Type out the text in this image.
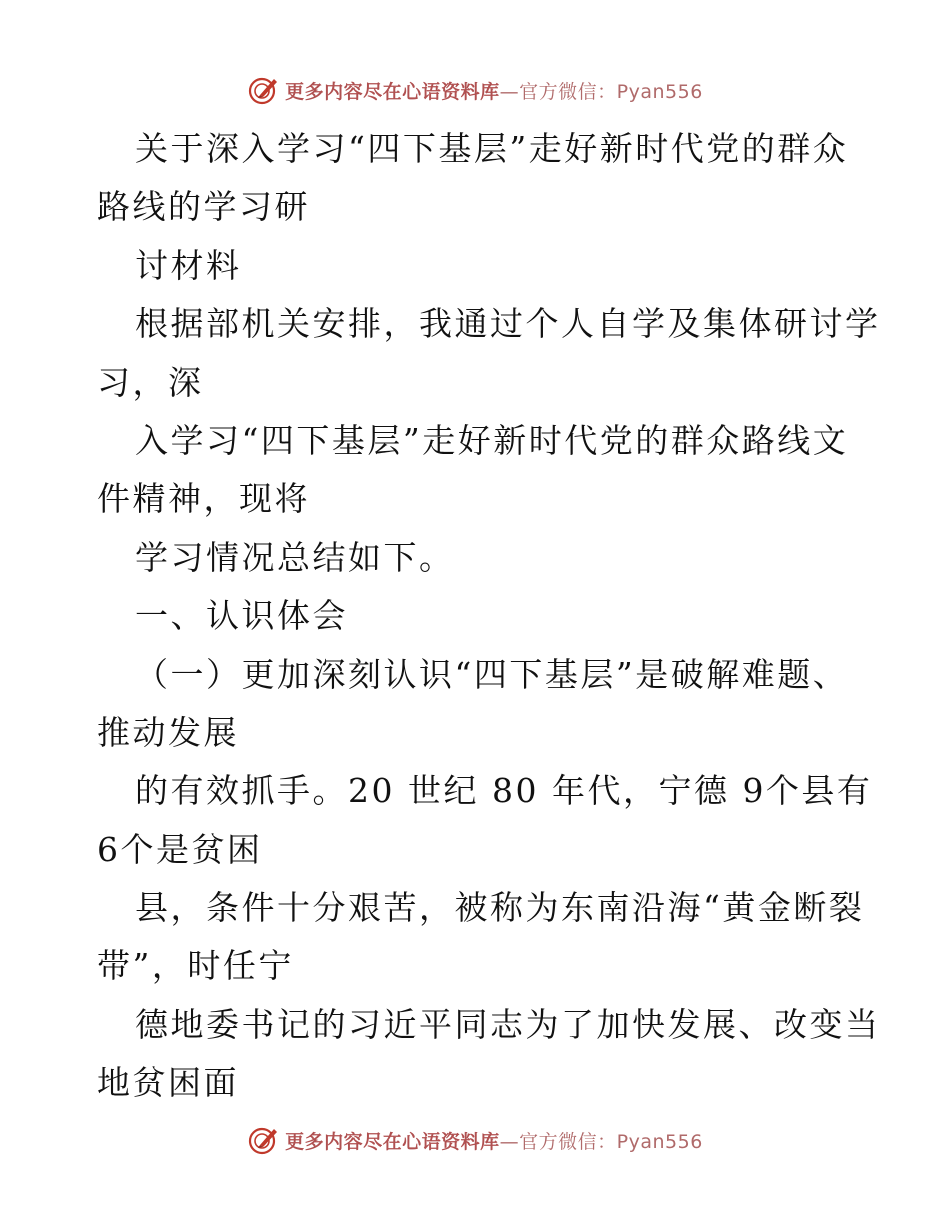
更多内容尽在心语资料库—官方微信：Pyan556
关于深入学习“四下基层”走好新时代党的群众
路线的学习研
讨材料
根据部机关安排，我通过个人自学及集体研讨学
习，深
入学习“四下基层”走好新时代党的群众路线文
件精神，现将
学习情况总结如下。
一、认识体会
（一）更加深刻认识“四下基层”是破解难题、
推动发展
的有效抓手。20 世纪 80 年代，宁德 9个县有
6个是贫困
县，条件十分艰苦，被称为东南沿海“黄金断裂
带”，时任宁
德地委书记的习近平同志为了加快发展、改变当
地贫困面
更多内容尽在心语资料库—官方微信：Pyan556
